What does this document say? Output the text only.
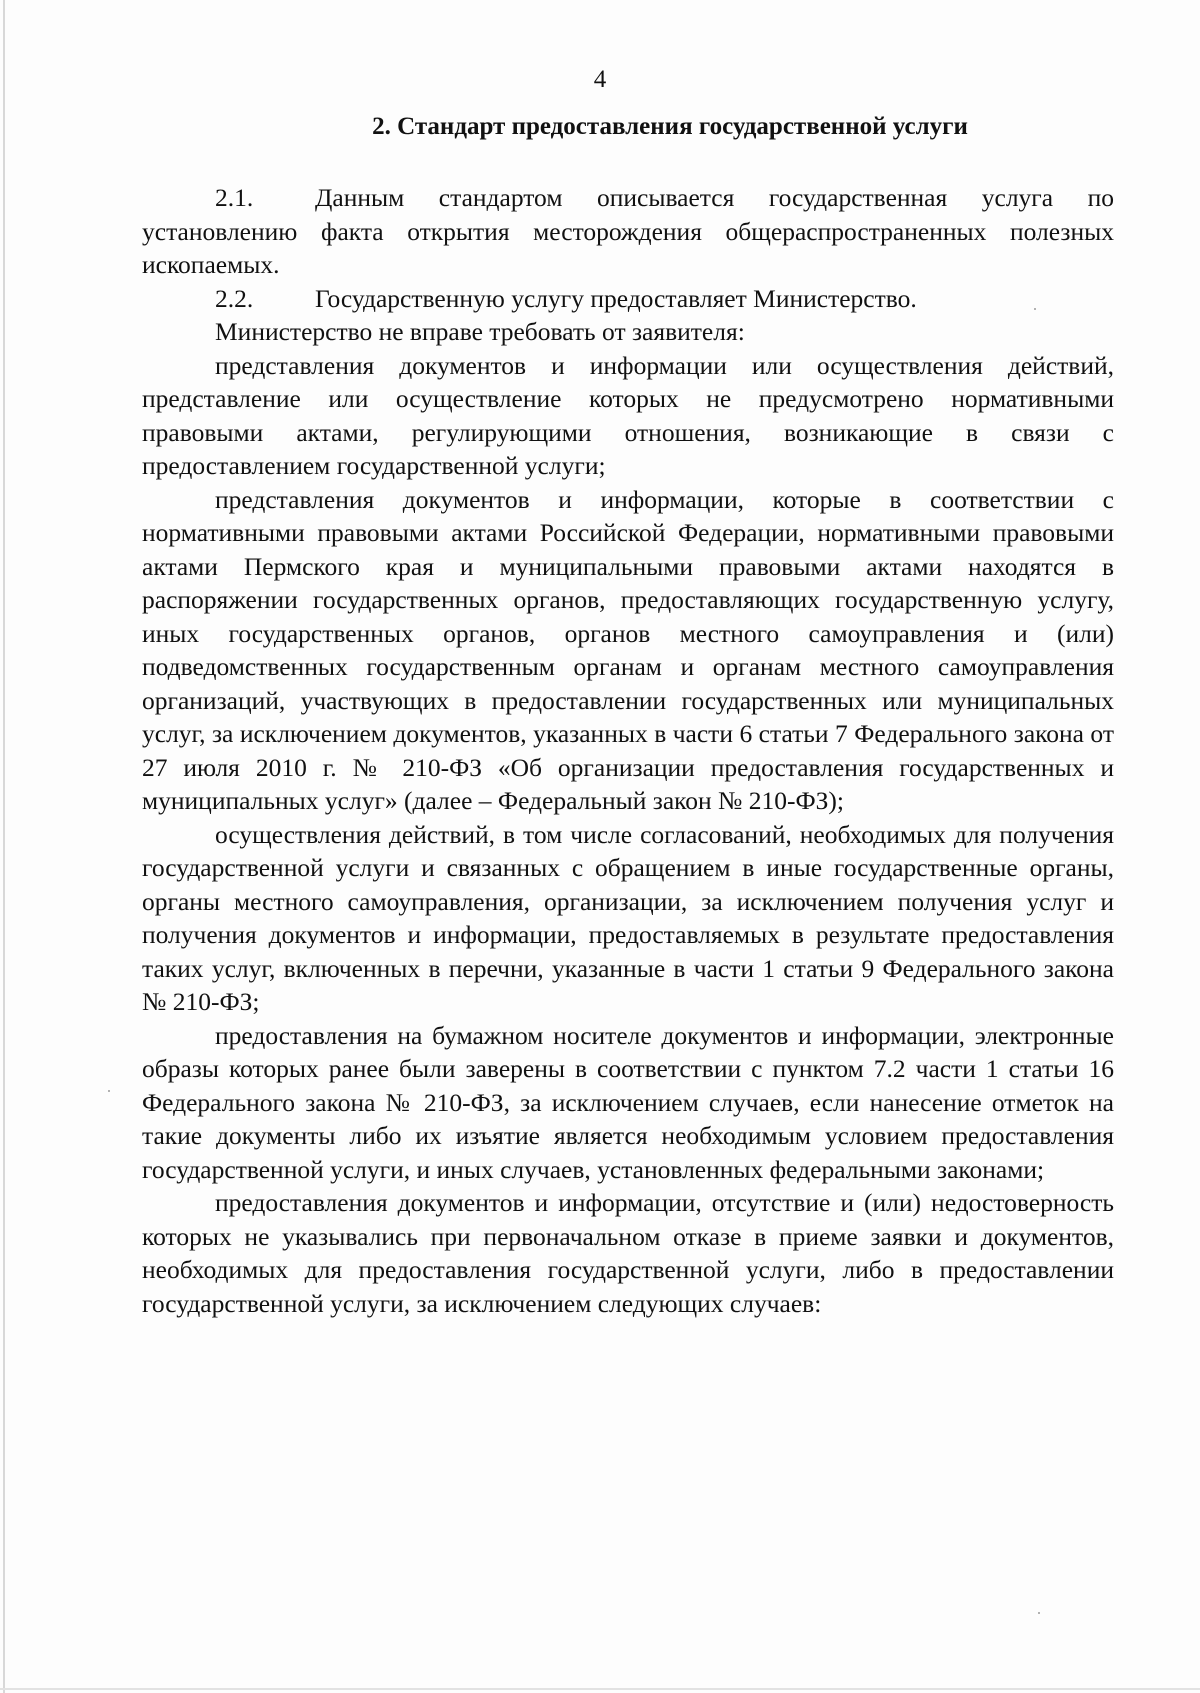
4
2. Стандарт предоставления государственной услуги

2.1. Данным стандартом описывается государственная услуга по установлению факта открытия месторождения общераспространенных полезных ископаемых.

2.2. Государственную услугу предоставляет Министерство.

Министерство не вправе требовать от заявителя:

представления документов и информации или осуществления действий, представление или осуществление которых не предусмотрено нормативными правовыми актами, регулирующими отношения, возникающие в связи с предоставлением государственной услуги;

представления документов и информации, которые в соответствии с нормативными правовыми актами Российской Федерации, нормативными правовыми актами Пермского края и муниципальными правовыми актами находятся в распоряжении государственных органов, предоставляющих государственную услугу, иных государственных органов, органов местного самоуправления и (или) подведомственных государственным органам и органам местного самоуправления организаций, участвующих в предоставлении государственных или муниципальных услуг, за исключением документов, указанных в части 6 статьи 7 Федерального закона от 27 июля 2010 г. № 210-ФЗ «Об организации предоставления государственных и муниципальных услуг» (далее – Федеральный закон № 210-ФЗ);

осуществления действий, в том числе согласований, необходимых для получения государственной услуги и связанных с обращением в иные государственные органы, органы местного самоуправления, организации, за исключением получения услуг и получения документов и информации, предоставляемых в результате предоставления таких услуг, включенных в перечни, указанные в части 1 статьи 9 Федерального закона № 210-ФЗ;

предоставления на бумажном носителе документов и информации, электронные образы которых ранее были заверены в соответствии с пунктом 7.2 части 1 статьи 16 Федерального закона № 210-ФЗ, за исключением случаев, если нанесение отметок на такие документы либо их изъятие является необходимым условием предоставления государственной услуги, и иных случаев, установленных федеральными законами;

предоставления документов и информации, отсутствие и (или) недостоверность которых не указывались при первоначальном отказе в приеме заявки и документов, необходимых для предоставления государственной услуги, либо в предоставлении государственной услуги, за исключением следующих случаев:
